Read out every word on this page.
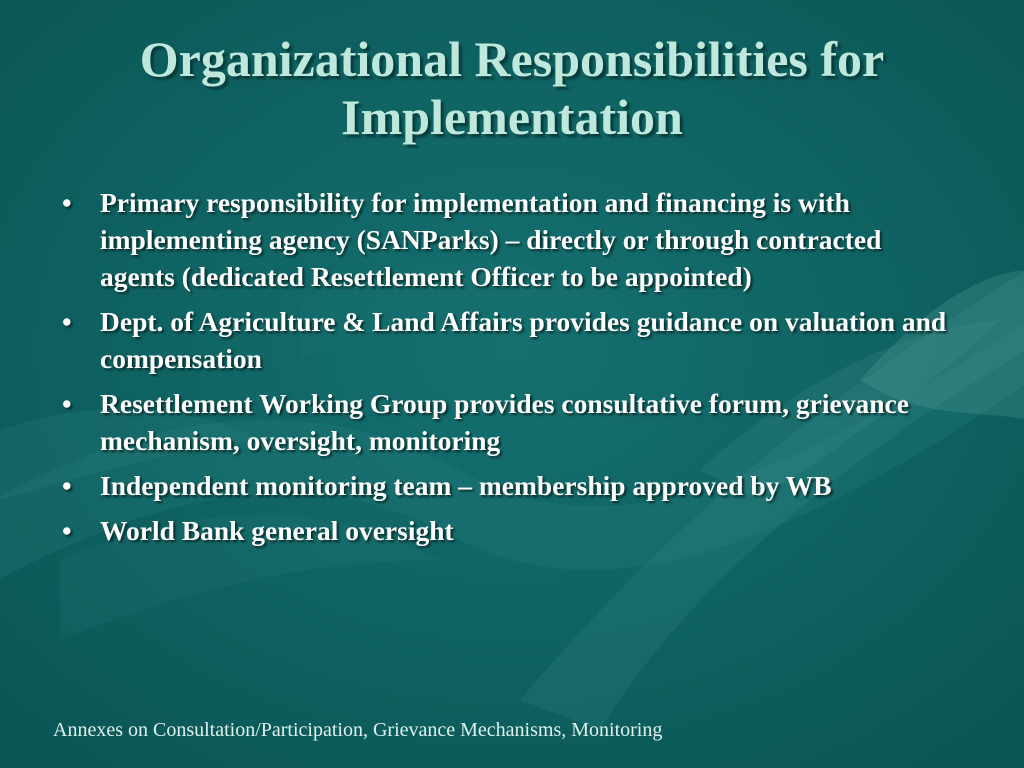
Organizational Responsibilities for Implementation
• Primary responsibility for implementation and financing is with implementing agency (SANParks) – directly or through contracted agents (dedicated Resettlement Officer to be appointed)
• Dept. of Agriculture & Land Affairs provides guidance on valuation and compensation
• Resettlement Working Group provides consultative forum, grievance mechanism, oversight, monitoring
• Independent monitoring team – membership approved by WB
• World Bank general oversight
Annexes on Consultation/Participation, Grievance Mechanisms, Monitoring
